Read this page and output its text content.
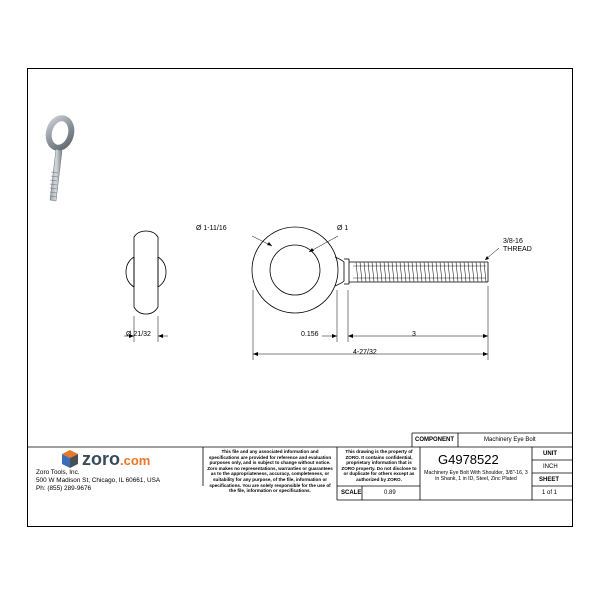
Ø 1-11/16	Ø 1
Ø 21/32	0.156	3
4-27/32
3/8-16
THREAD
zoro.com
Zoro Tools, Inc.
500 W Madison St, Chicago, IL 60661, USA
Ph: (855) 289-9676
This file and any associated information and specifications are provided for reference and evaluation purposes only, and is subject to change without notice. Zoro makes no representations, warranties or guarantees as to the appropriateness, accuracy, completeness, or suitability for any purpose, of the file, information or specifications. You are solely responsible for the use of the file, information or specifications.
This drawing is the property of ZORO. It contains confidential, proprietary information that is ZORO property. Do not disclose to or duplicate for others except as authorized by ZORO.
COMPONENT	Machinery Eye Bolt
G4978522
Machinery Eye Bolt With Shoulder, 3/8"-16, 3 in Shank, 1 in ID, Steel, Zinc Plated
UNIT
INCH
SHEET
1 of 1
SCALE	0.89
